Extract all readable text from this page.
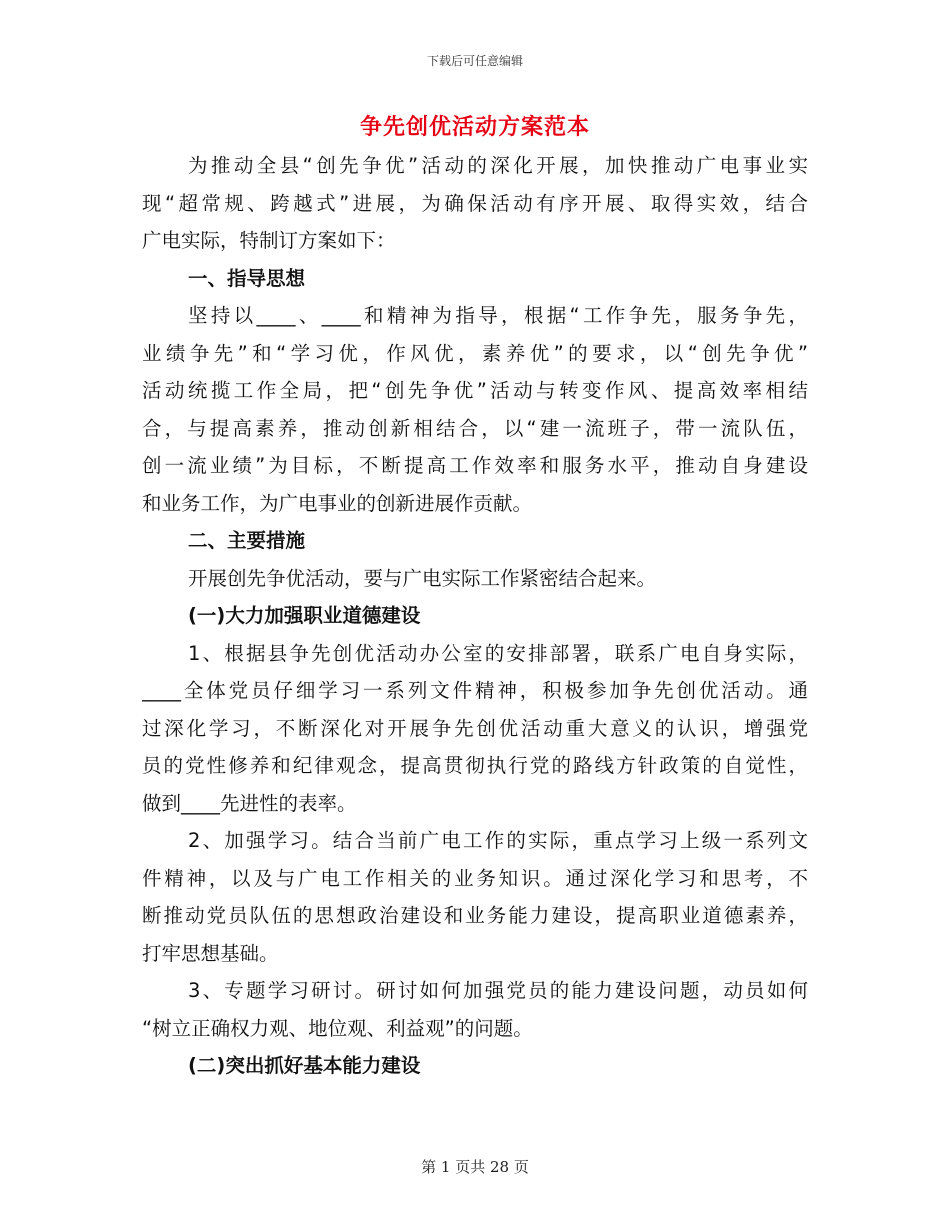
下载后可任意编辑
争先创优活动方案范本
为推动全县“创先争优”活动的深化开展，加快推动广电事业实
现“超常规、跨越式”进展，为确保活动有序开展、取得实效，结合
广电实际，特制订方案如下：
一、指导思想
坚持以____、____和精神为指导，根据“工作争先，服务争先，
业绩争先”和“学习优，作风优，素养优”的要求，以“创先争优”
活动统揽工作全局，把“创先争优”活动与转变作风、提高效率相结
合，与提高素养，推动创新相结合，以“建一流班子，带一流队伍，
创一流业绩”为目标，不断提高工作效率和服务水平，推动自身建设
和业务工作，为广电事业的创新进展作贡献。
二、主要措施
开展创先争优活动，要与广电实际工作紧密结合起来。
(一)大力加强职业道德建设
1、根据县争先创优活动办公室的安排部署，联系广电自身实际，
____全体党员仔细学习一系列文件精神，积极参加争先创优活动。通
过深化学习，不断深化对开展争先创优活动重大意义的认识，增强党
员的党性修养和纪律观念，提高贯彻执行党的路线方针政策的自觉性，
做到____先进性的表率。
2、加强学习。结合当前广电工作的实际，重点学习上级一系列文
件精神，以及与广电工作相关的业务知识。通过深化学习和思考，不
断推动党员队伍的思想政治建设和业务能力建设，提高职业道德素养，
打牢思想基础。
3、专题学习研讨。研讨如何加强党员的能力建设问题，动员如何
“树立正确权力观、地位观、利益观”的问题。
(二)突出抓好基本能力建设
第 1 页共 28 页
